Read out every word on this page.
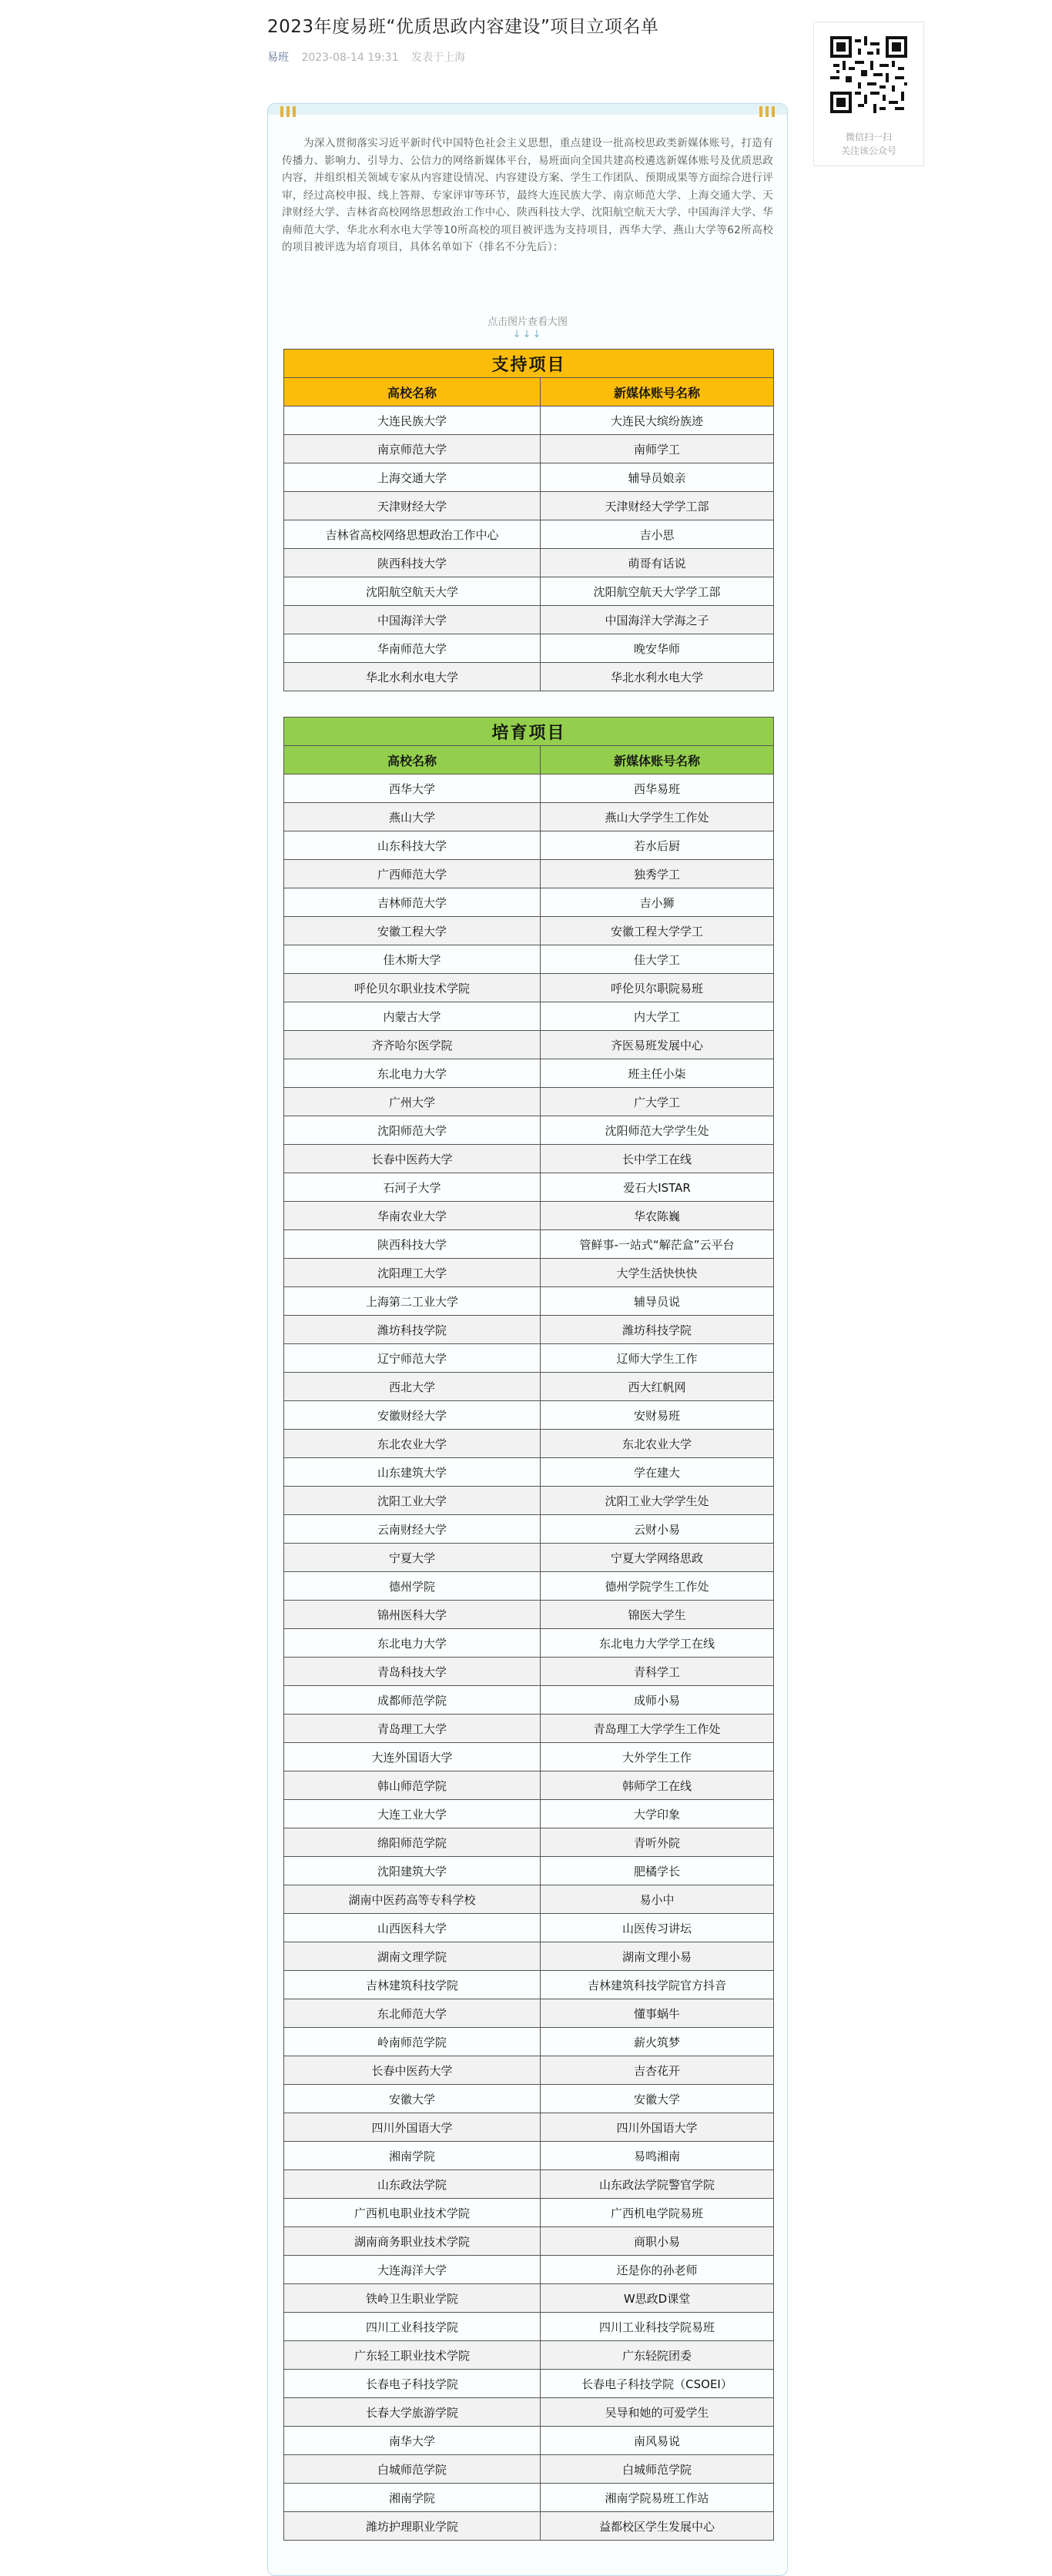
2023年度易班“优质思政内容建设”项目立项名单
易班 2023-08-14 19:31 发表于上海
为深入贯彻落实习近平新时代中国特色社会主义思想，重点建设一批高校思政类新媒体账号，打造有传播力、影响力、引导力、公信力的网络新媒体平台，易班面向全国共建高校遴选新媒体账号及优质思政内容，并组织相关领域专家从内容建设情况、内容建设方案、学生工作团队、预期成果等方面综合进行评审，经过高校申报、线上答辩、专家评审等环节，最终大连民族大学、南京师范大学、上海交通大学、天津财经大学、吉林省高校网络思想政治工作中心、陕西科技大学、沈阳航空航天大学、中国海洋大学、华南师范大学、华北水利水电大学等10所高校的项目被评选为支持项目，西华大学、燕山大学等62所高校的项目被评选为培育项目，具体名单如下（排名不分先后）：
点击图片查看大图
↓↓↓
支持项目	
高校名称	新媒体账号名称
大连民族大学	大连民大缤纷族迹
南京师范大学	南师学工
上海交通大学	辅导员娘亲
天津财经大学	天津财经大学学工部
吉林省高校网络思想政治工作中心	吉小思
陕西科技大学	萌哥有话说
沈阳航空航天大学	沈阳航空航天大学学工部
中国海洋大学	中国海洋大学海之子
华南师范大学	晚安华师
华北水利水电大学	华北水利水电大学
培育项目	
高校名称	新媒体账号名称
西华大学	西华易班
燕山大学	燕山大学学生工作处
山东科技大学	若水后厨
广西师范大学	独秀学工
吉林师范大学	吉小狮
安徽工程大学	安徽工程大学学工
佳木斯大学	佳大学工
呼伦贝尔职业技术学院	呼伦贝尔职院易班
内蒙古大学	内大学工
齐齐哈尔医学院	齐医易班发展中心
东北电力大学	班主任小柒
广州大学	广大学工
沈阳师范大学	沈阳师范大学学生处
长春中医药大学	长中学工在线
石河子大学	爱石大ISTAR
华南农业大学	华农陈巍
陕西科技大学	管鲜事-一站式“解茫盒”云平台
沈阳理工大学	大学生活快快快
上海第二工业大学	辅导员说
潍坊科技学院	潍坊科技学院
辽宁师范大学	辽师大学生工作
西北大学	西大红帆网
安徽财经大学	安财易班
东北农业大学	东北农业大学
山东建筑大学	学在建大
沈阳工业大学	沈阳工业大学学生处
云南财经大学	云财小易
宁夏大学	宁夏大学网络思政
德州学院	德州学院学生工作处
锦州医科大学	锦医大学生
东北电力大学	东北电力大学学工在线
青岛科技大学	青科学工
成都师范学院	成师小易
青岛理工大学	青岛理工大学学生工作处
大连外国语大学	大外学生工作
韩山师范学院	韩师学工在线
大连工业大学	大学印象
绵阳师范学院	青听外院
沈阳建筑大学	肥橘学长
湖南中医药高等专科学校	易小中
山西医科大学	山医传习讲坛
湖南文理学院	湖南文理小易
吉林建筑科技学院	吉林建筑科技学院官方抖音
东北师范大学	懂事蜗牛
岭南师范学院	薪火筑梦
长春中医药大学	吉杏花开
安徽大学	安徽大学
四川外国语大学	四川外国语大学
湘南学院	易鸣湘南
山东政法学院	山东政法学院警官学院
广西机电职业技术学院	广西机电学院易班
湖南商务职业技术学院	商职小易
大连海洋大学	还是你的孙老师
铁岭卫生职业学院	W思政D课堂
四川工业科技学院	四川工业科技学院易班
广东轻工职业技术学院	广东轻院团委
长春电子科技学院	长春电子科技学院（CSOEI）
长春大学旅游学院	吴导和她的可爱学生
南华大学	南风易说
白城师范学院	白城师范学院
湘南学院	湘南学院易班工作站
潍坊护理职业学院	益都校区学生发展中心
微信扫一扫
关注该公众号
